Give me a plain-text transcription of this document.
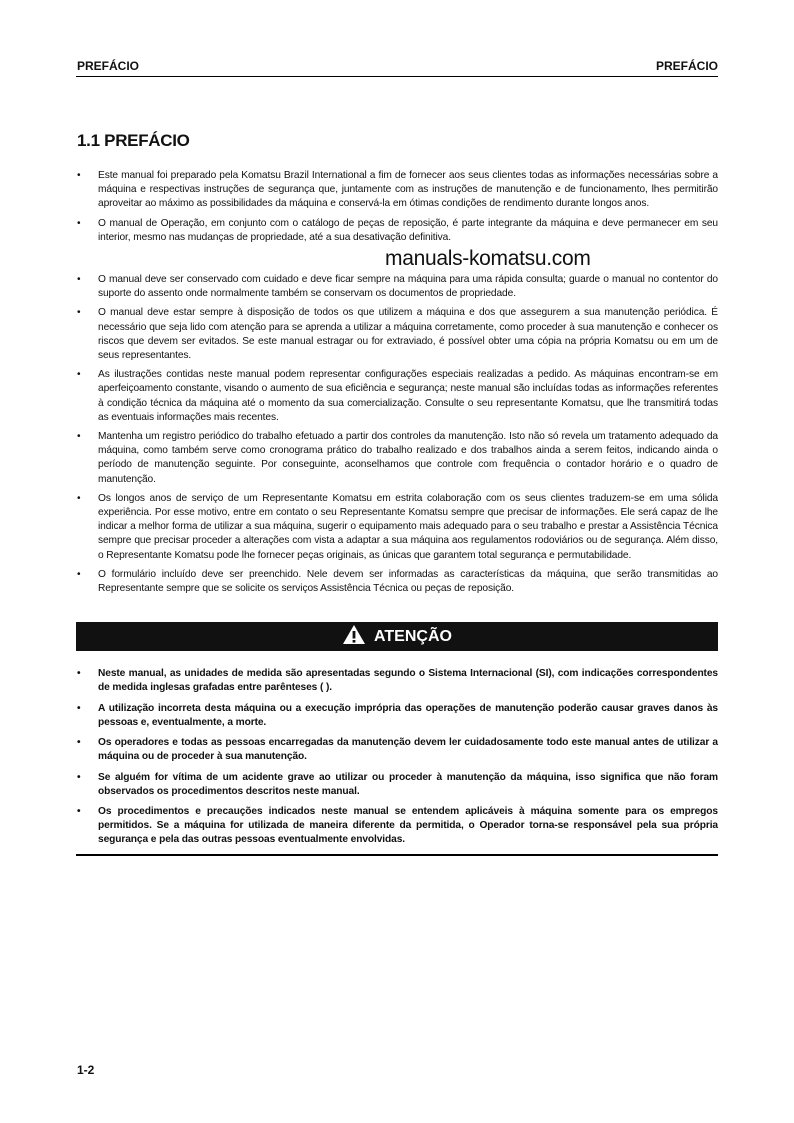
PREFÁCIO	PREFÁCIO
1.1 PREFÁCIO
• Este manual foi preparado pela Komatsu Brazil International a fim de fornecer aos seus clientes todas as informações necessárias sobre a máquina e respectivas instruções de segurança que, juntamente com as instruções de manutenção e de funcionamento, lhes permitirão aproveitar ao máximo as possibilidades da máquina e conservá-la em ótimas condições de rendimento durante longos anos.
• O manual de Operação, em conjunto com o catálogo de peças de reposição, é parte integrante da máquina e deve permanecer em seu interior, mesmo nas mudanças de propriedade, até a sua desativação definitiva.
manuals-komatsu.com
• O manual deve ser conservado com cuidado e deve ficar sempre na máquina para uma rápida consulta; guarde o manual no contentor do suporte do assento onde normalmente também se conservam os documentos de propriedade.
• O manual deve estar sempre à disposição de todos os que utilizem a máquina e dos que assegurem a sua manutenção periódica. É necessário que seja lido com atenção para se aprenda a utilizar a máquina corretamente, como proceder à sua manutenção e conhecer os riscos que devem ser evitados. Se este manual estragar ou for extraviado, é possível obter uma cópia na própria Komatsu ou em um de seus representantes.
• As ilustrações contidas neste manual podem representar configurações especiais realizadas a pedido. As máquinas encontram-se em aperfeiçoamento constante, visando o aumento de sua eficiência e segurança; neste manual são incluídas todas as informações referentes à condição técnica da máquina até o momento da sua comercialização. Consulte o seu representante Komatsu, que lhe transmitirá todas as eventuais informações mais recentes.
• Mantenha um registro periódico do trabalho efetuado a partir dos controles da manutenção. Isto não só revela um tratamento adequado da máquina, como também serve como cronograma prático do trabalho realizado e dos trabalhos ainda a serem feitos, indicando ainda o período de manutenção seguinte. Por conseguinte, aconselhamos que controle com frequência o contador horário e o quadro de manutenção.
• Os longos anos de serviço de um Representante Komatsu em estrita colaboração com os seus clientes traduzem-se em uma sólida experiência. Por esse motivo, entre em contato o seu Representante Komatsu sempre que precisar de informações. Ele será capaz de lhe indicar a melhor forma de utilizar a sua máquina, sugerir o equipamento mais adequado para o seu trabalho e prestar a Assistência Técnica sempre que precisar proceder a alterações com vista a adaptar a sua máquina aos regulamentos rodoviários ou de segurança. Além disso, o Representante Komatsu pode lhe fornecer peças originais, as únicas que garantem total segurança e permutabilidade.
• O formulário incluído deve ser preenchido. Nele devem ser informadas as características da máquina, que serão transmitidas ao Representante sempre que se solicite os serviços Assistência Técnica ou peças de reposição.
ATENÇÃO
• Neste manual, as unidades de medida são apresentadas segundo o Sistema Internacional (SI), com indicações correspondentes de medida inglesas grafadas entre parênteses ( ).
• A utilização incorreta desta máquina ou a execução imprópria das operações de manutenção poderão causar graves danos às pessoas e, eventualmente, a morte.
• Os operadores e todas as pessoas encarregadas da manutenção devem ler cuidadosamente todo este manual antes de utilizar a máquina ou de proceder à sua manutenção.
• Se alguém for vítima de um acidente grave ao utilizar ou proceder à manutenção da máquina, isso significa que não foram observados os procedimentos descritos neste manual.
• Os procedimentos e precauções indicados neste manual se entendem aplicáveis à máquina somente para os empregos permitidos. Se a máquina for utilizada de maneira diferente da permitida, o Operador torna-se responsável pela sua própria segurança e pela das outras pessoas eventualmente envolvidas.
1-2
